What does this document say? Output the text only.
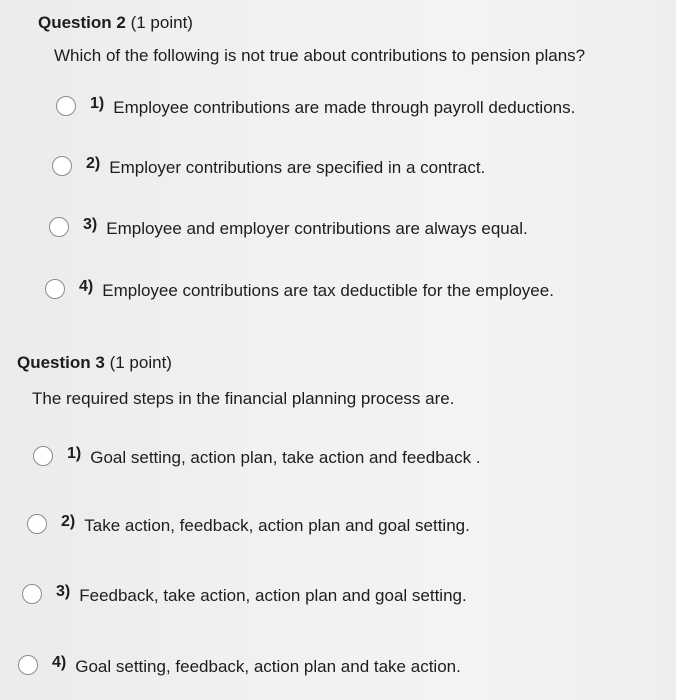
Question 2 (1 point)
Which of the following is not true about contributions to pension plans?
1) Employee contributions are made through payroll deductions.
2) Employer contributions are specified in a contract.
3) Employee and employer contributions are always equal.
4) Employee contributions are tax deductible for the employee.
Question 3 (1 point)
The required steps in the financial planning process are.
1) Goal setting, action plan, take action and feedback .
2) Take action, feedback, action plan and goal setting.
3) Feedback, take action, action plan and goal setting.
4) Goal setting, feedback, action plan and take action.
